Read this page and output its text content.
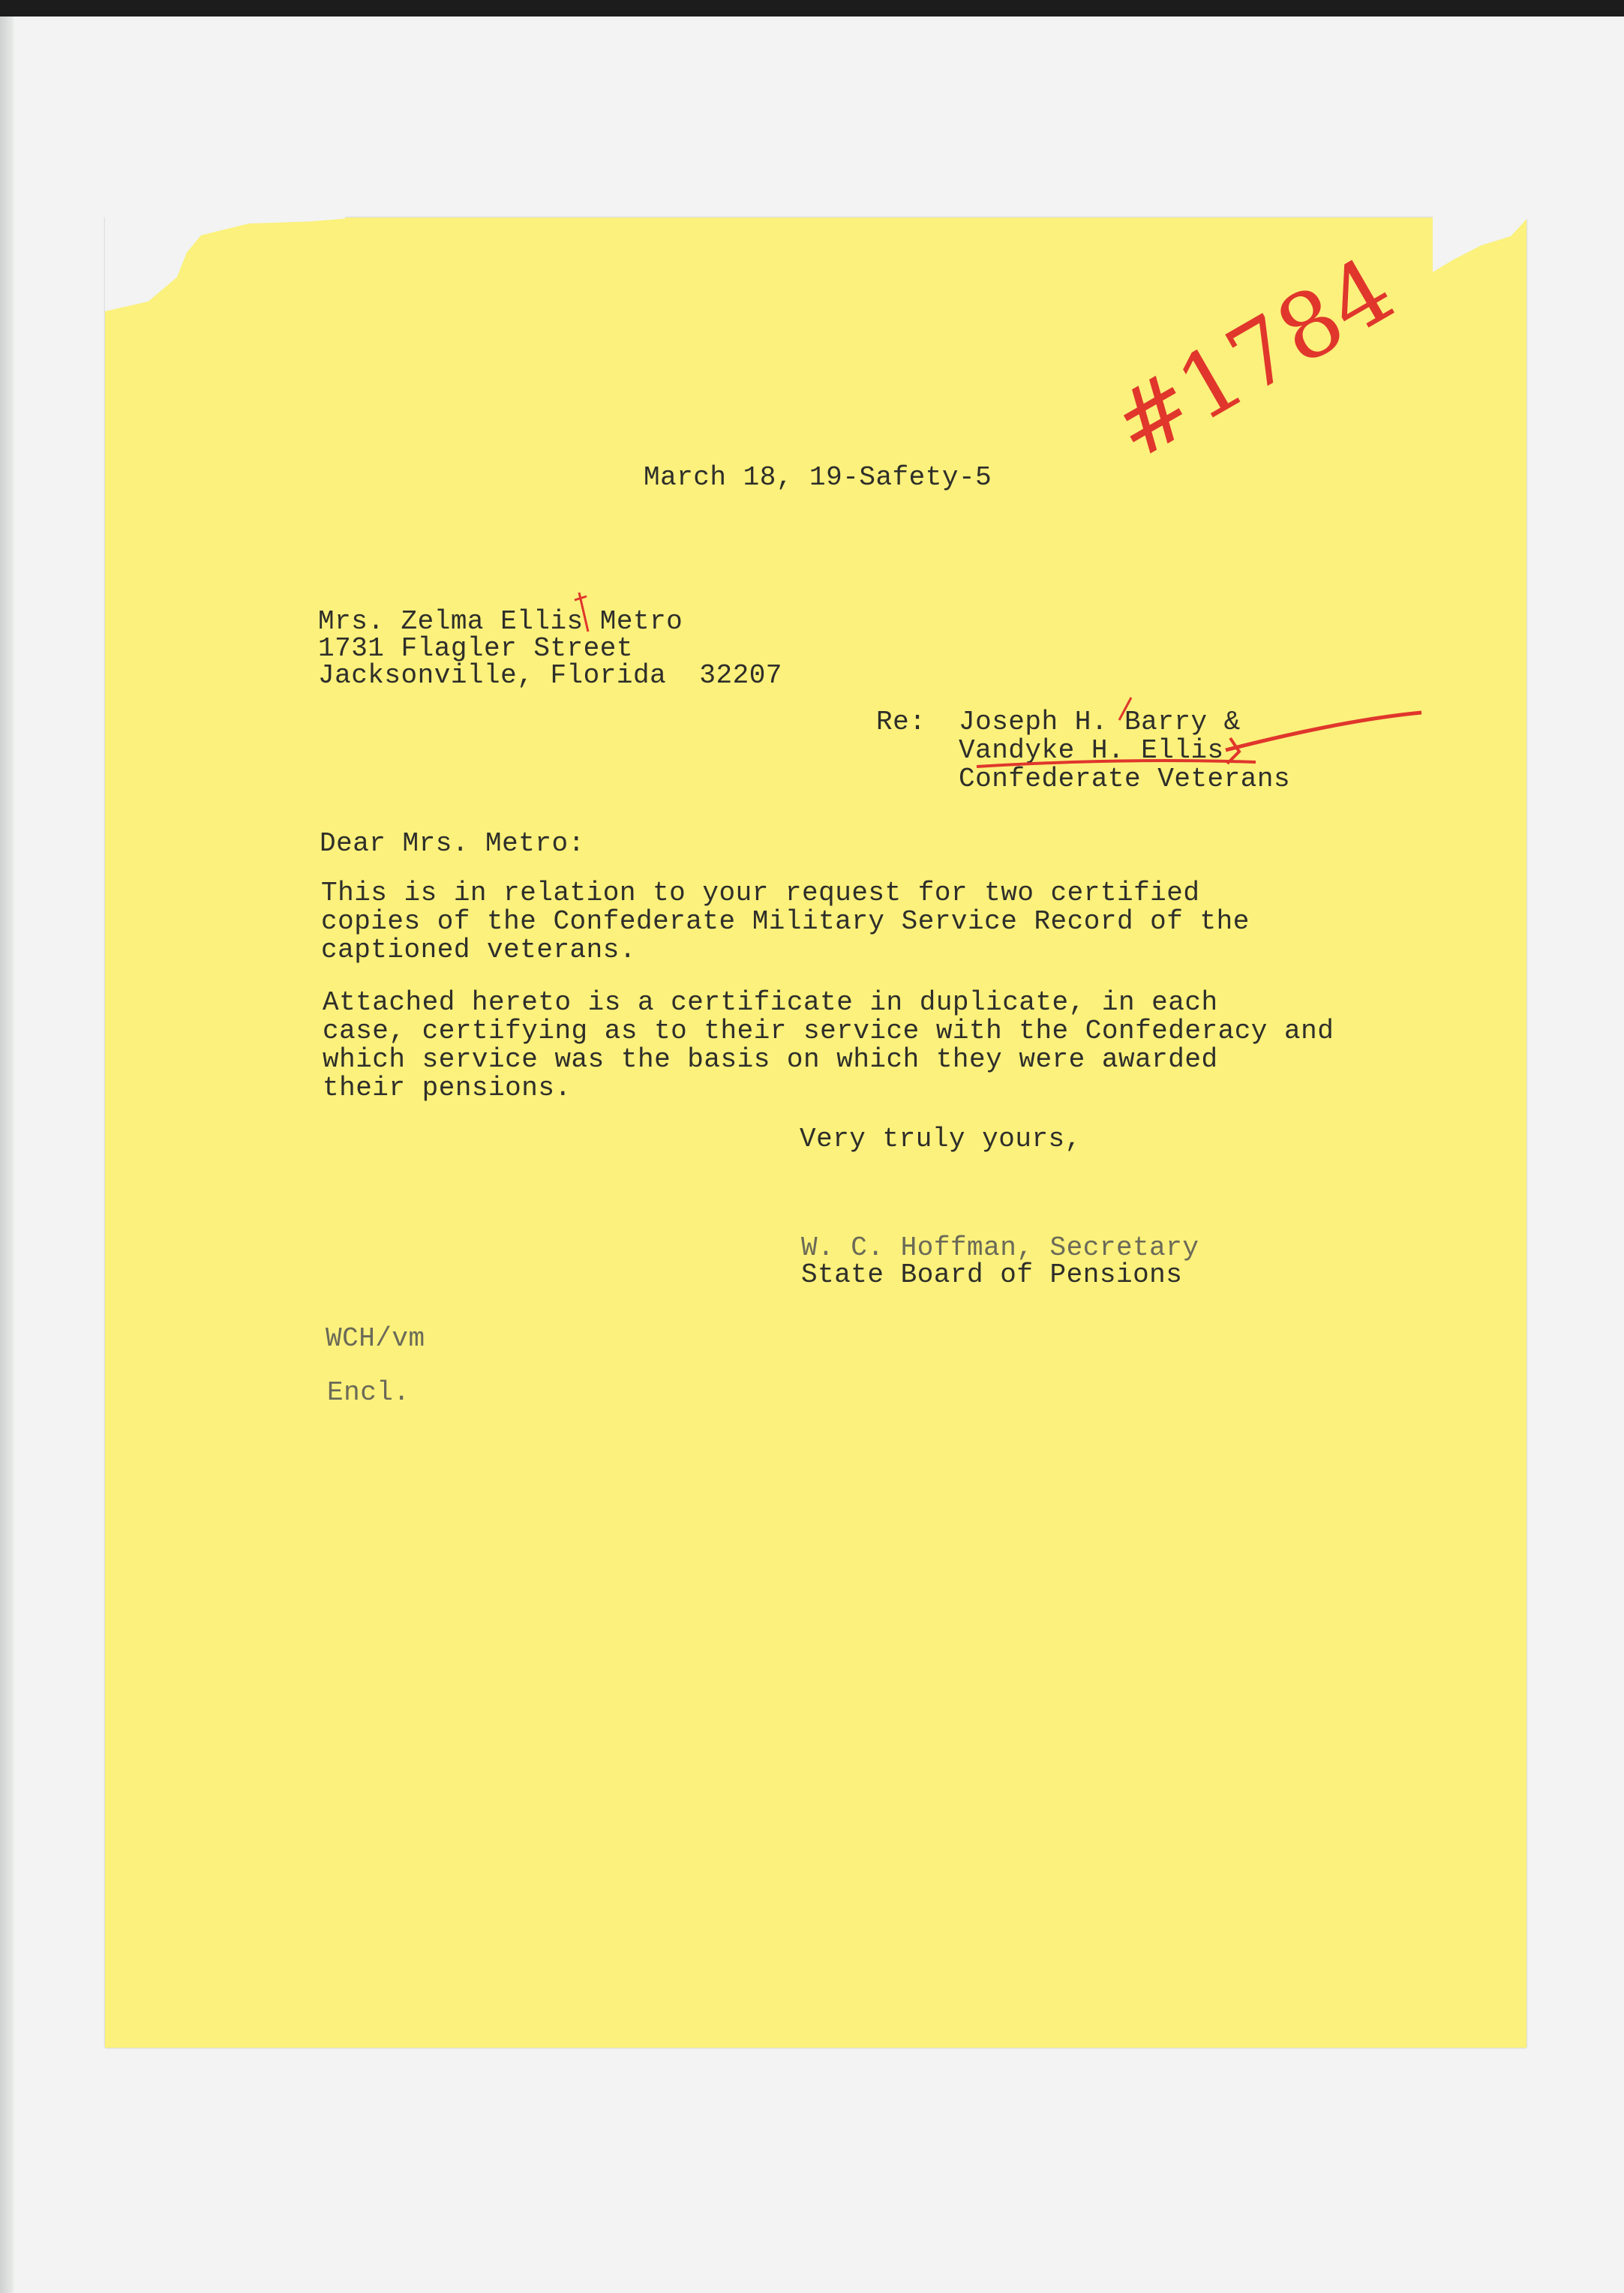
March 18, 19-Safety-5
Mrs. Zelma Ellis Metro
1731 Flagler Street
Jacksonville, Florida  32207
Re: Joseph H. Barry &
Vandyke H. Ellis
Confederate Veterans
Dear Mrs. Metro:
This is in relation to your request for two certified
copies of the Confederate Military Service Record of the
captioned veterans.
Attached hereto is a certificate in duplicate, in each
case, certifying as to their service with the Confederacy and
which service was the basis on which they were awarded
their pensions.
Very truly yours,
W. C. Hoffman, Secretary
State Board of Pensions
WCH/vm
Encl.
#1784
